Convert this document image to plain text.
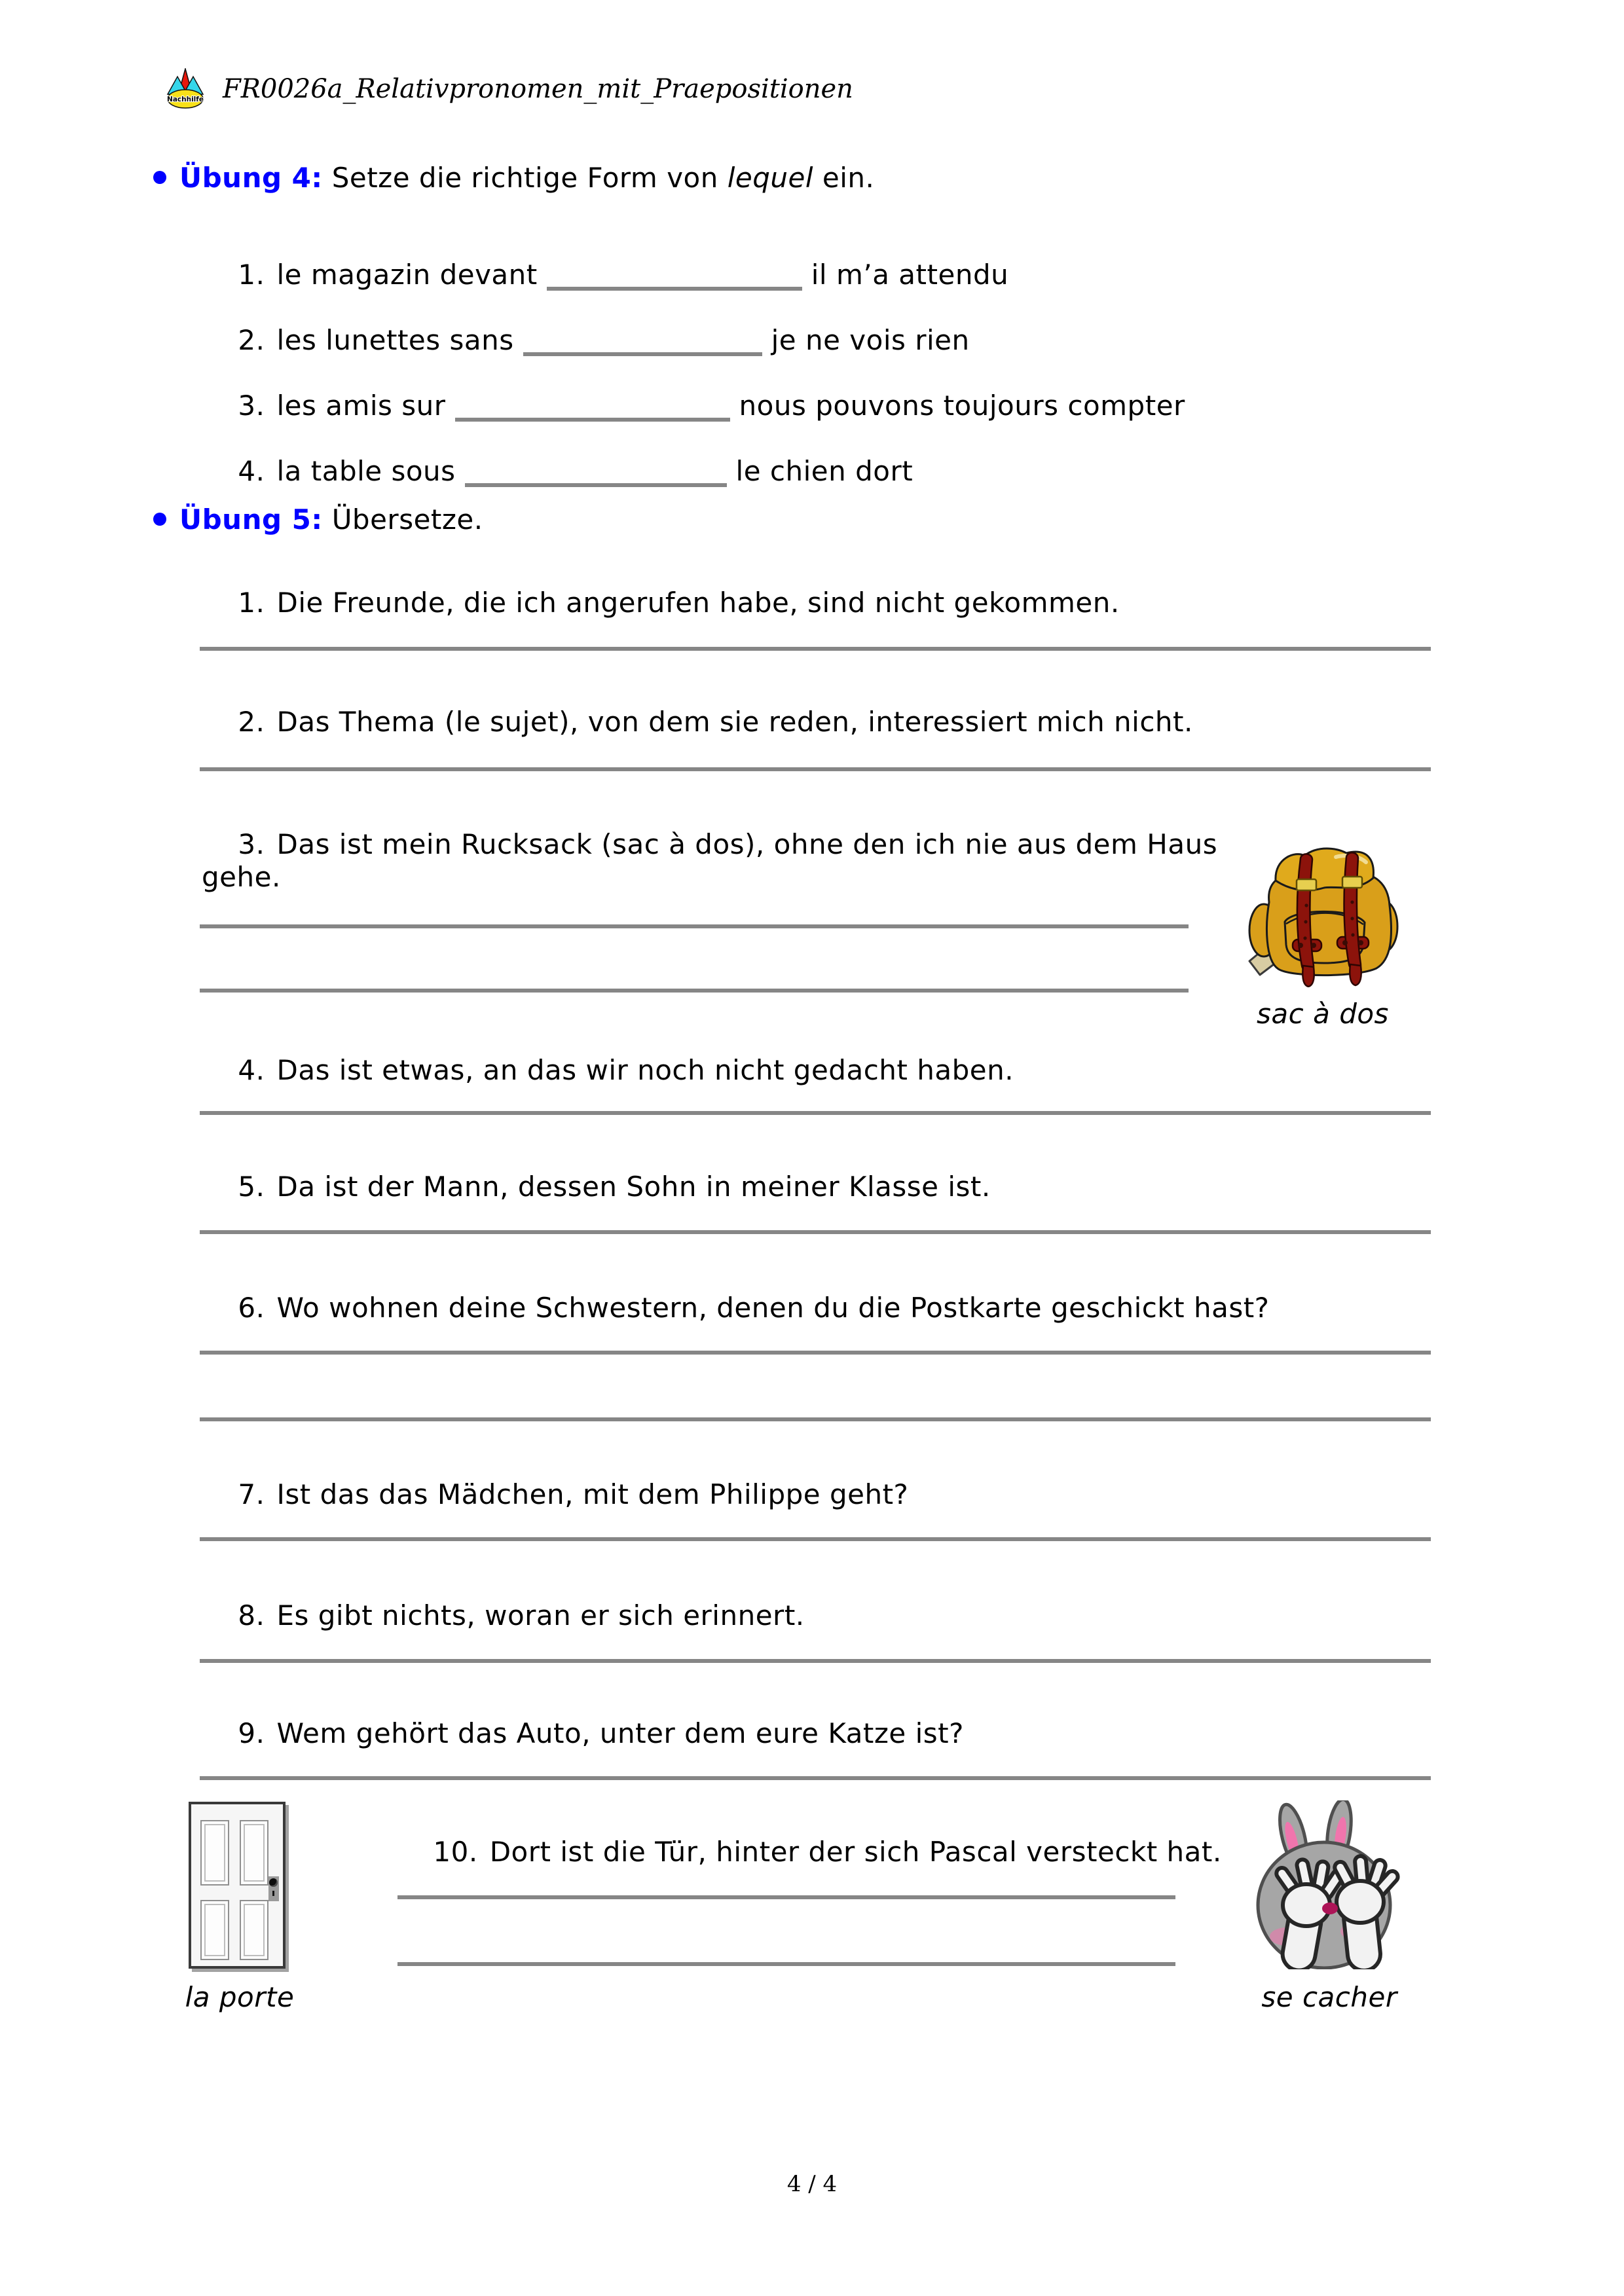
Nachhilfe FR0026a_Relativpronomen_mit_Praepositionen
Übung 4: Setze die richtige Form von lequel ein.

1. le magazin devant	il m’a attendu

2. les lunettes sans	je ne vois rien

3. les amis sur	nous pouvons toujours compter

4. la table sous	le chien dort

Übung 5: Übersetze.

1. Die Freunde, die ich angerufen habe, sind nicht gekommen.

2. Das Thema (le sujet), von dem sie reden, interessiert mich nicht.

3. Das ist mein Rucksack (sac à dos), ohne den ich nie aus dem Haus gehe.

sac à dos

4. Das ist etwas, an das wir noch nicht gedacht haben.

5. Da ist der Mann, dessen Sohn in meiner Klasse ist.

6. Wo wohnen deine Schwestern, denen du die Postkarte geschickt hast?

7. Ist das das Mädchen, mit dem Philippe geht?

8. Es gibt nichts, woran er sich erinnert.

9. Wem gehört das Auto, unter dem eure Katze ist?

10. Dort ist die Tür, hinter der sich Pascal versteckt hat.

la porte	se cacher
4 / 4
